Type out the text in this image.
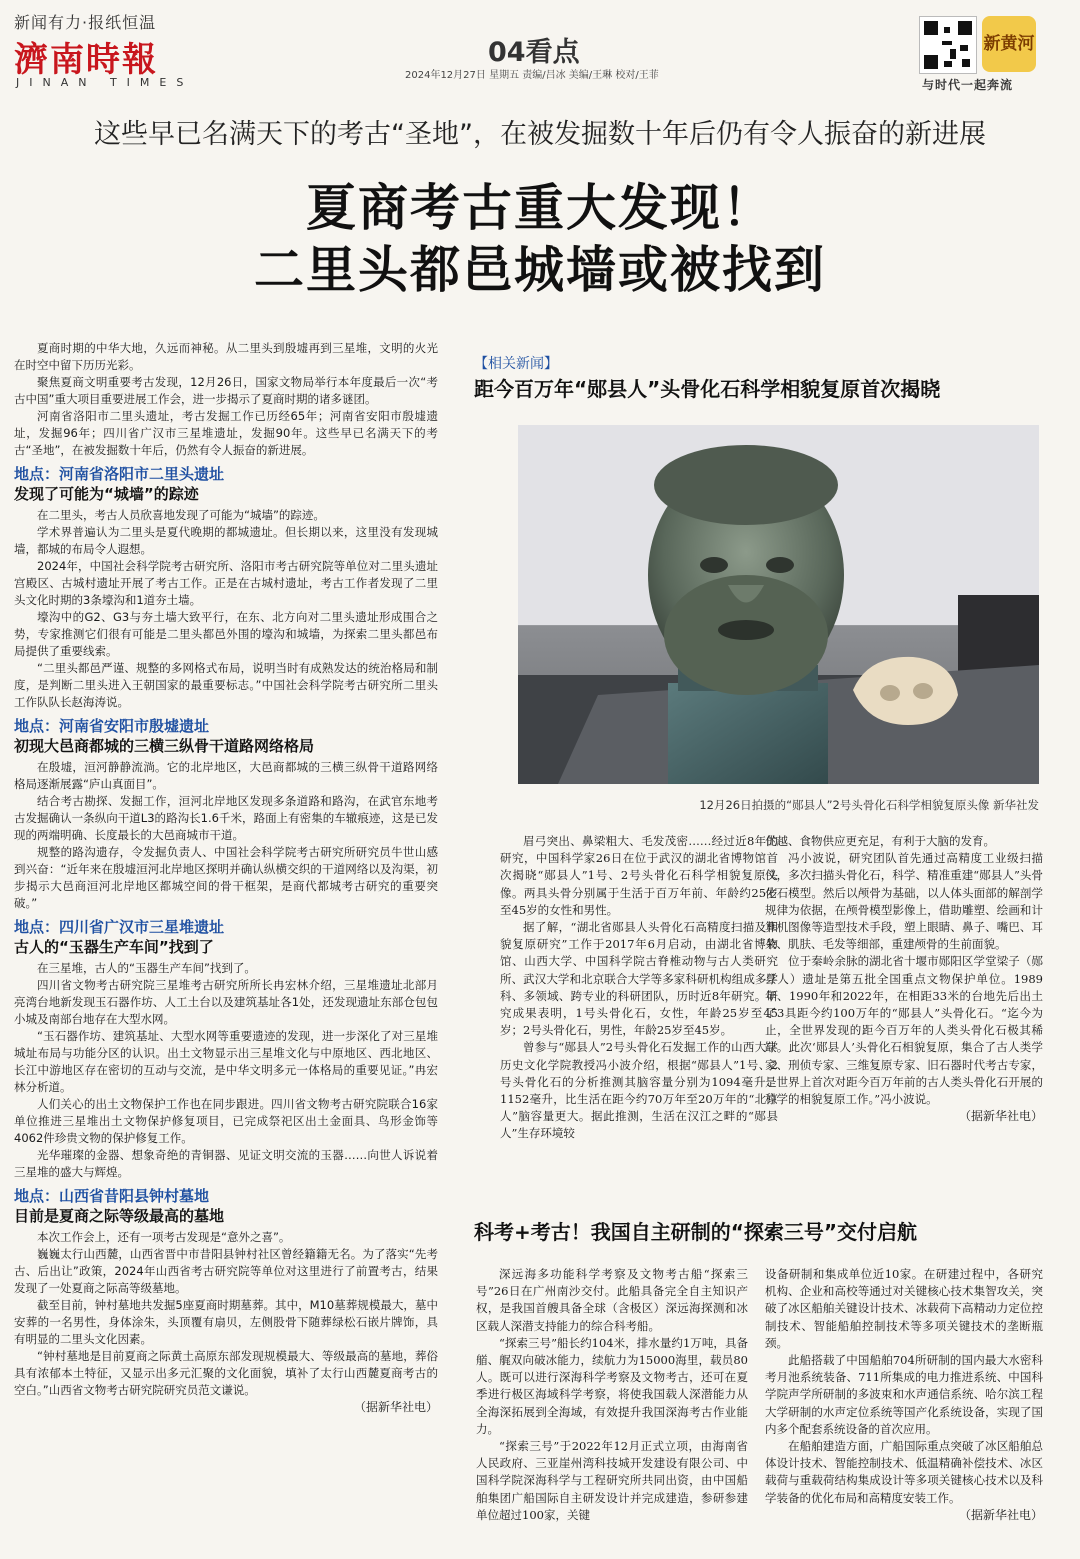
新闻有力·报纸恒温
濟南時報
JINAN TIMES
04看点
2024年12月27日 星期五 责编/吕冰 美编/王琳 校对/王菲
新黄河
与时代一起奔流
这些早已名满天下的考古“圣地”，在被发掘数十年后仍有令人振奋的新进展
夏商考古重大发现！
二里头都邑城墙或被找到

夏商时期的中华大地，久远而神秘。从二里头到殷墟再到三星堆，文明的火光在时空中留下历历光彩。

聚焦夏商文明重要考古发现，12月26日，国家文物局举行本年度最后一次“考古中国”重大项目重要进展工作会，进一步揭示了夏商时期的诸多谜团。

河南省洛阳市二里头遗址，考古发掘工作已历经65年；河南省安阳市殷墟遗址，发掘96年；四川省广汉市三星堆遗址，发掘90年。这些早已名满天下的考古“圣地”，在被发掘数十年后，仍然有令人振奋的新进展。

地点：河南省洛阳市二里头遗址
发现了可能为“城墙”的踪迹

在二里头，考古人员欣喜地发现了可能为“城墙”的踪迹。

学术界普遍认为二里头是夏代晚期的都城遗址。但长期以来，这里没有发现城墙，都城的布局令人遐想。

2024年，中国社会科学院考古研究所、洛阳市考古研究院等单位对二里头遗址宫殿区、古城村遗址开展了考古工作。正是在古城村遗址，考古工作者发现了二里头文化时期的3条壕沟和1道夯土墙。

壕沟中的G2、G3与夯土墙大致平行，在东、北方向对二里头遗址形成围合之势，专家推测它们很有可能是二里头都邑外围的壕沟和城墙，为探索二里头都邑布局提供了重要线索。

“二里头都邑严谨、规整的多网格式布局，说明当时有成熟发达的统治格局和制度，是判断二里头进入王朝国家的最重要标志。”中国社会科学院考古研究所二里头工作队队长赵海涛说。

地点：河南省安阳市殷墟遗址
初现大邑商都城的三横三纵骨干道路网络格局

在殷墟，洹河静静流淌。它的北岸地区，大邑商都城的三横三纵骨干道路网络格局逐渐展露“庐山真面目”。

结合考古勘探、发掘工作，洹河北岸地区发现多条道路和路沟，在武官东地考古发掘确认一条纵向干道L3的路沟长1.6千米，路面上有密集的车辙痕迹，这是已发现的两端明确、长度最长的大邑商城市干道。

规整的路沟遗存，令发掘负责人、中国社会科学院考古研究所研究员牛世山感到兴奋：“近年来在殷墟洹河北岸地区探明并确认纵横交织的干道网络以及沟渠，初步揭示大邑商洹河北岸地区都城空间的骨干框架，是商代都城考古研究的重要突破。”

地点：四川省广汉市三星堆遗址
古人的“玉器生产车间”找到了

在三星堆，古人的“玉器生产车间”找到了。

四川省文物考古研究院三星堆考古研究所所长冉宏林介绍，三星堆遗址北部月亮湾台地新发现玉石器作坊、人工土台以及建筑基址各1处，还发现遗址东部仓包包小城及南部台地存在大型水网。

“玉石器作坊、建筑基址、大型水网等重要遗迹的发现，进一步深化了对三星堆城址布局与功能分区的认识。出土文物显示出三星堆文化与中原地区、西北地区、长江中游地区存在密切的互动与交流，是中华文明多元一体格局的重要见证。”冉宏林分析道。

人们关心的出土文物保护工作也在同步跟进。四川省文物考古研究院联合16家单位推进三星堆出土文物保护修复项目，已完成祭祀区出土金面具、鸟形金饰等4062件珍贵文物的保护修复工作。

光华璀璨的金器、想象奇绝的青铜器、见证文明交流的玉器……向世人诉说着三星堆的盛大与辉煌。

地点：山西省昔阳县钟村墓地
目前是夏商之际等级最高的墓地

本次工作会上，还有一项考古发现是“意外之喜”。

巍巍太行山西麓，山西省晋中市昔阳县钟村社区曾经籍籍无名。为了落实“先考古、后出让”政策，2024年山西省考古研究院等单位对这里进行了前置考古，结果发现了一处夏商之际高等级墓地。

截至目前，钟村墓地共发掘5座夏商时期墓葬。其中，M10墓葬规模最大，墓中安葬的一名男性，身体涂朱，头顶覆有扇贝，左侧股骨下随葬绿松石嵌片牌饰，具有明显的二里头文化因素。

“钟村墓地是目前夏商之际黄土高原东部发现规模最大、等级最高的墓地，葬俗具有浓郁本土特征，又显示出多元汇聚的文化面貌，填补了太行山西麓夏商考古的空白。”山西省文物考古研究院研究员范文谦说。

（据新华社电）
【相关新闻】
距今百万年“郧县人”头骨化石科学相貌复原首次揭晓
12月26日拍摄的“郧县人”2号头骨化石科学相貌复原头像 新华社发

眉弓突出、鼻梁粗大、毛发茂密……经过近8年的研究，中国科学家26日在位于武汉的湖北省博物馆首次揭晓“郧县人”1号、2号头骨化石科学相貌复原头像。两具头骨分别属于生活于百万年前、年龄约25岁至45岁的女性和男性。

据了解，“湖北省郧县人头骨化石高精度扫描及相貌复原研究”工作于2017年6月启动，由湖北省博物馆、山西大学、中国科学院古脊椎动物与古人类研究所、武汉大学和北京联合大学等多家科研机构组成多学科、多领域、跨专业的科研团队，历时近8年研究。研究成果表明，1号头骨化石，女性，年龄25岁至45岁；2号头骨化石，男性，年龄25岁至45岁。

曾参与“郧县人”2号头骨化石发掘工作的山西大学历史文化学院教授冯小波介绍，根据“郧县人”1号、2号头骨化石的分析推测其脑容量分别为1094毫升、1152毫升，比生活在距今约70万年至20万年的“北京人”脑容量更大。据此推测，生活在汉江之畔的“郧县人”生存环境较

优越、食物供应更充足，有利于大脑的发育。

冯小波说，研究团队首先通过高精度工业级扫描仪，多次扫描头骨化石，科学、精准重建“郧县人”头骨化石模型。然后以颅骨为基础，以人体头面部的解剖学规律为依据，在颅骨模型影像上，借助雕塑、绘画和计算机图像等造型技术手段，塑上眼睛、鼻子、嘴巴、耳朵、肌肤、毛发等细部，重建颅骨的生前面貌。

位于秦岭余脉的湖北省十堰市郧阳区学堂梁子（郧县人）遗址是第五批全国重点文物保护单位。1989年、1990年和2022年，在相距33米的台地先后出土了3具距今约100万年的“郧县人”头骨化石。“迄今为止，全世界发现的距今百万年的人类头骨化石极其稀缺。此次‘郧县人’头骨化石相貌复原，集合了古人类学家、刑侦专家、三维复原专家、旧石器时代考古专家，是世界上首次对距今百万年前的古人类头骨化石开展的科学的相貌复原工作。”冯小波说。

（据新华社电）
科考+考古！我国自主研制的“探索三号”交付启航

深远海多功能科学考察及文物考古船“探索三号”26日在广州南沙交付。此船具备完全自主知识产权，是我国首艘具备全球（含极区）深远海探测和冰区载人深潜支持能力的综合科考船。

“探索三号”船长约104米，排水量约1万吨，具备艏、艉双向破冰能力，续航力为15000海里，载员80人。既可以进行深海科学考察及文物考古，还可在夏季进行极区海域科学考察，将使我国载人深潜能力从全海深拓展到全海域，有效提升我国深海考古作业能力。

“探索三号”于2022年12月正式立项，由海南省人民政府、三亚崖州湾科技城开发建设有限公司、中国科学院深海科学与工程研究所共同出资，由中国船舶集团广船国际自主研发设计并完成建造，参研参建单位超过100家，关键

设备研制和集成单位近10家。在研建过程中，各研究机构、企业和高校等通过对关键核心技术集智攻关，突破了冰区船舶关键设计技术、冰载荷下高精动力定位控制技术、智能船舶控制技术等多项关键技术的垄断瓶颈。

此船搭载了中国船舶704所研制的国内最大水密科考月池系统装备、711所集成的电力推进系统、中国科学院声学所研制的多波束和水声通信系统、哈尔滨工程大学研制的水声定位系统等国产化系统设备，实现了国内多个配套系统设备的首次应用。

在船舶建造方面，广船国际重点突破了冰区船舶总体设计技术、智能控制技术、低温精确补偿技术、冰区载荷与重载荷结构集成设计等多项关键核心技术以及科学装备的优化布局和高精度安装工作。

（据新华社电）
